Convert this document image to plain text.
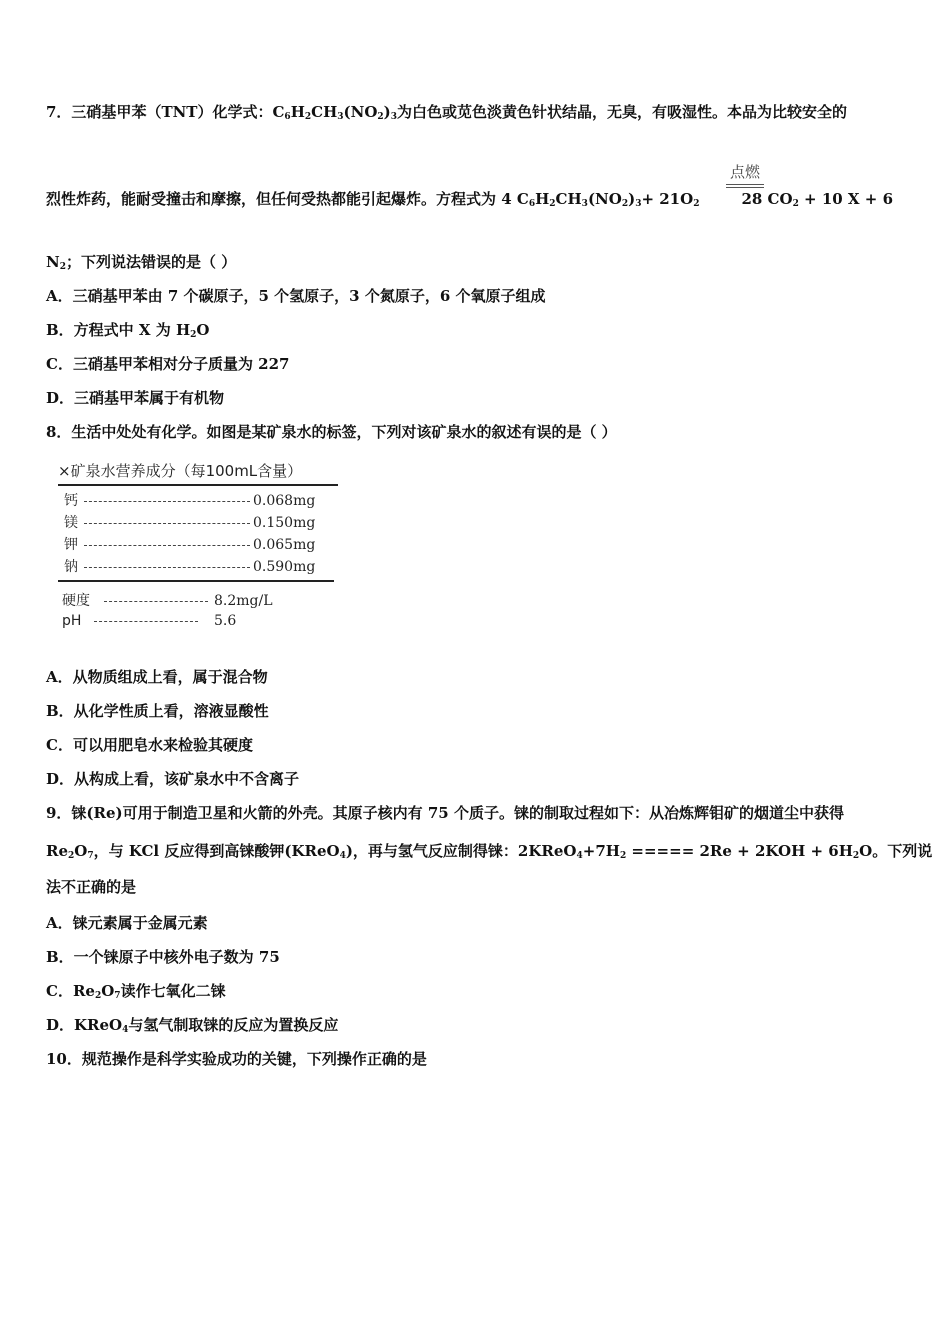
7．三硝基甲苯（TNT）化学式：$C_6H_2CH_3(NO_2)_3$为白色或苋色淡黄色针状结晶，无臭，有吸湿性。本品为比较安全的
点燃
烈性炸药，能耐受撞击和摩擦，但任何受热都能引起爆炸。方程式为 4 $C_6H_2CH_3(NO_2)_3+ 21O_2$	28 $CO_2 + 10$ X + 6
$N_2$；下列说法错误的是（ ）
A．三硝基甲苯由 7 个碳原子，5 个氢原子，3 个氮原子，6 个氧原子组成
B．方程式中 X 为 $H_2O$
C．三硝基甲苯相对分子质量为 227
D．三硝基甲苯属于有机物
8．生活中处处有化学。如图是某矿泉水的标签，下列对该矿泉水的叙述有误的是（ ）
×矿泉水营养成分（每100mL含量）
钙	0.068mg
镁	0.150mg
钾	0.065mg
钠	0.590mg
硬度	8.2mg/L
pH	5.6
A．从物质组成上看，属于混合物
B．从化学性质上看，溶液显酸性
C．可以用肥皂水来检验其硬度
D．从构成上看，该矿泉水中不含离子
9．铼(Re)可用于制造卫星和火箭的外壳。其原子核内有 75 个质子。铼的制取过程如下：从冶炼辉钼矿的烟道尘中获得
$Re_2O_7$，与 KCl 反应得到高铼酸钾(KReO$_4$)，再与氢气反应制得铼：$2KReO_4+7H_2$ ===== $2Re + 2KOH + 6H_2O$。下列说
法不正确的是
A．铼元素属于金属元素
B．一个铼原子中核外电子数为 75
C．$Re_2O_7$读作七氧化二铼
D．KReO$_4$与氢气制取铼的反应为置换反应
10．规范操作是科学实验成功的关键，下列操作正确的是
